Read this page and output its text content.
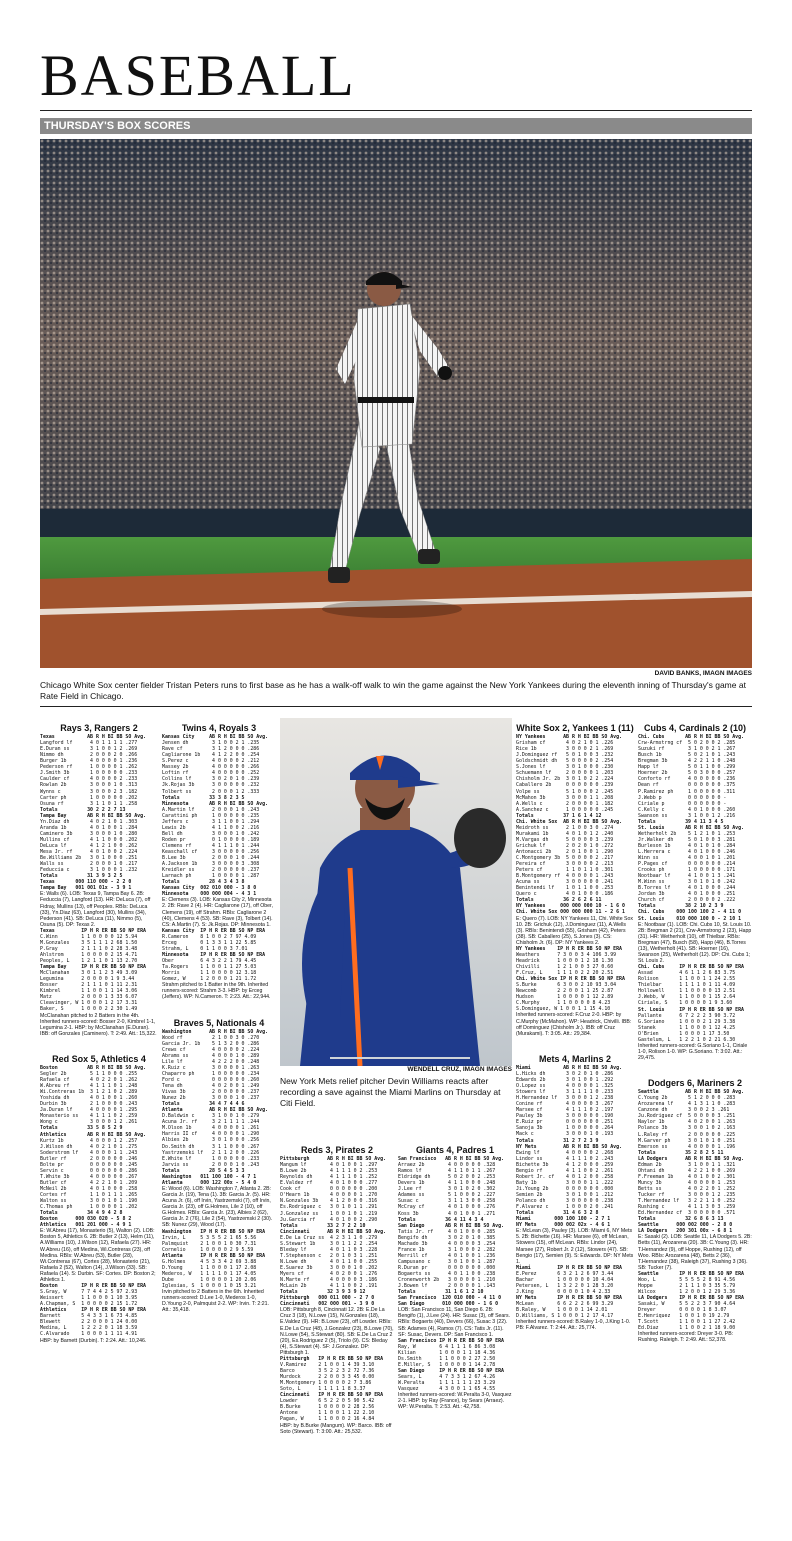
BASEBALL
THURSDAY'S BOX SCORES
DAVID BANKS, IMAGN IMAGES
Chicago White Sox center fielder Tristan Peters runs to first base as he has a walk-off walk to win the game against the New York Yankees during the eleventh inning of Thursday's game at Rate Field in Chicago.

Rays 3, Rangers 2
Texas           AB R H BI BB SO Avg.
Langford lf      4 0 1 1 1 1 .277
E.Duran ss       3 1 0 0 1 2 .269
Nimmo dh         2 0 0 0 2 0 .266
Burger 1b        4 0 0 0 0 1 .236
Pederson rf      1 0 0 0 0 1 .262
J.Smith 3b       1 0 0 0 0 0 .233
Caulder cf       4 0 0 0 0 2 .233
Rowlan 2b        3 0 0 0 1 0 .313
Wynns c          3 0 0 0 2 3 .182
Carter ph        1 0 0 0 0 0 .202
Osuna rf         3 1 1 0 1 1 .258
Totals          30 2 2 2 7 13
Tampa Bay       AB R H BI BB SO Avg.
Yn.Diaz dh       4 0 2 1 0 1 .303
Aranda 1b        4 0 1 0 0 1 .284
Caminero 3b      3 0 0 0 1 0 .280
Mullins cf       4 1 1 0 0 0 .202
DeLuca lf        4 1 2 1 0 0 .262
Mesa Jr. rf      4 0 1 0 0 2 .224
Be.Williams 2b   3 0 1 0 0 0 .251
Walls ss         2 0 0 0 1 0 .217
Feduccia c       3 1 0 0 0 1 .232
Totals          31 3 9 3 2 5
Texas       000 110 000 - 2 2 0
Tampa Bay   001 001 01x - 3 9 1
E: Walls (6). LOB: Texas 9, Tampa Bay 6. 2B: Feduccia (7), Langford (13). HR: DeLuca (7), off Fidray, Mullins (13), off Peoples. RBIs: DeLuca (33), Yn.Diaz (63), Langford (30), Mullins (34), Pederson (41). SB: DeLuca (11), Nimmo (5), Osuna (5). DP: Texas 2.
Texas         IP H R ER BB SO NP ERA
C.Winn        1 1 0 0 0 0 12 5.94
M.Gonzales    3 5 1 1 1 2 68 1.50
P.Gray        2 1 1 1 0 2 28 3.48
Ahlstrom      1 0 0 0 0 2 15 4.71
Peoples, L    1 2 1 1 0 1 13 2.70
Tampa Bay     IP H R ER BB SO NP ERA
McClanahan    3 0 1 1 2 3 49 3.09
Legumina      2 0 0 0 0 1 9 3.44
Bosser        2 1 1 1 0 1 11 2.31
Kimbrel       1 1 0 0 1 1 14 3.06
Matz          2 0 0 0 1 3 33 6.07
Cleavinger, W 1 0 0 0 1 2 17 3.31
Baker, S      1 0 0 0 2 2 30 1.49
McClanahan pitched to 2 Batters in the 4th. Inherited runners-scored: Bosser 2-0, Kimbrel 1-1, Legumina 2-1. HBP: by McClanahan (E.Duran). IBB: off Gonzales (Caminero). T: 2:49. Att.: 15,322.

Red Sox 5, Athletics 4
Boston          AB R H BI BB SO Avg.
Segler 2b        5 1 1 0 0 0 .255
Rafaela cf       4 0 2 2 0 1 .262
W.Abreu rf       4 1 1 1 0 1 .248
Wi.Contreras 1b  3 1 2 1 0 2 .289
Yoshida dh       4 0 1 0 0 1 .260
Durbin 3b        2 1 0 0 0 0 .243
Ja.Duran lf      4 0 0 0 0 1 .295
Monasterio ss    4 1 1 1 0 2 .259
Wong c           3 0 0 0 1 2 .261
Totals          33 5 8 5 2 9
Athletics       AB R H BI BB SO Avg.
Kurtz 1b         4 0 0 0 1 2 .257
J.Wilson dh      4 0 2 1 0 1 .275
Soderstrom lf    4 0 0 0 1 1 .243
Butler rf        2 0 0 0 0 0 .246
Bolte pr         0 0 0 0 0 0 .245
Servin c         0 0 0 0 0 0 .286
T.White 3b       4 0 0 0 0 0 .267
Butler cf        4 2 2 1 0 1 .209
McNeil 2b        4 0 1 0 0 0 .258
Cortes rf        1 1 0 1 1 1 .265
Walton ss        3 0 0 1 0 1 .190
C.Thomas ph      1 0 0 0 0 1 .202
Totals          34 4 9 4 2 8
Boston      000 030 020 - 5 8 2
Athletics   001 201 000 - 4 9 1
E: W.Abreu (17), Monasterio (5), Walton (2). LOB: Boston 5, Athletics 6. 2B: Butler 2 (13), Helm (11), A.Williams (10), J.Wilson (12), Rafaela (27). HR: W.Abreu (16), off Medina, Wi.Contreras (23), off Medina. RBIs: W.Abreu (53), Butler (28), Wi.Contreras (67), Cortes (28), Monasterio (21), Rafaela 2 (52), Walton (14), J.Wilson (33). SB: Rafaela (14). S: Durbin. SF: Cortes. DP: Boston 2; Athletics 1.
Boston        IP H R ER BB SO NP ERA
S.Gray, W     7 7 4 4 2 5 97 2.93
Weissert      1 1 0 0 0 1 10 3.95
A.Chapman, S  1 0 0 0 0 2 15 1.72
Athletics     IP H R ER BB SO NP ERA
Barnett       5 4 3 3 1 6 73 4.85
Blewett       2 2 0 0 0 1 24 0.00
Medina, L     1 2 2 2 0 1 18 3.59
C.Alvarado    1 0 0 0 1 1 11 4.91
HBP: by Barnett (Durbin). T: 2:24. Att.: 10,246.

Twins 4, Royals 3
Kansas City     AB R H BI BB SO Avg.
Jensen dh        3 1 0 0 2 1 .235
Rave cf          3 1 2 0 0 0 .286
Cagliarone 1b    4 1 2 2 0 0 .254
S.Perez c        4 0 0 0 0 2 .212
Massey 2b        4 0 0 0 0 0 .266
Loftin rf        4 0 0 0 0 0 .252
Collins lf       3 0 2 0 1 0 .239
Jk.Rojas 3b      3 0 0 0 0 0 .232
Tolbert ss       2 0 0 0 1 2 .333
Totals          33 3 8 2 3 5
Minnesota       AB R H BI BB SO Avg.
A.Martin lf      2 0 0 0 1 0 .243
Carattini ph     1 0 0 0 0 0 .235
Jeffers c        3 1 1 0 0 1 .294
Lewis 2b         4 1 1 0 0 2 .216
Bell dh          3 0 0 0 1 0 .242
Roden pr         0 1 0 0 0 0 .189
Clemens rf       4 1 1 1 0 1 .244
Keaschall cf     3 0 0 0 0 0 .256
B.Lee 3b         2 0 0 0 1 0 .244
A.Jackson 1b     3 0 0 0 0 3 .308
Kreidler ss      2 0 0 0 0 0 .237
Larnach ph       1 0 0 0 0 1 .287
Totals          28 4 3 4 3 8
Kansas City  002 010 000 - 3 8 0
Minnesota    000 000 004 - 4 3 1
E: Clemens (3). LOB: Kansas City 2, Minnesota 2. 2B: Rave 2 (4). HR: Cagliarone (17), off Ober, Clemens (19), off Strahm. RBIs: Cagliarone 2 (40), Clemens 4 (53). SB: Rave (3), Tolbert (14). CS: A.Martin (7). S: Jk.Rojas. DP: Minnesota 1.
Kansas City  IP H R ER BB SO NP ERA
R.Cameron    8 1 0 0 2 7 97 4.09
Erceg        0 1 3 3 1 1 22 5.85
Strahm, L    0 1 1 0 0 3 7.01
Minnesota    IP H R ER BB SO NP ERA
Ober         6 4 3 2 2 1 79 4.45
Ta.Rogers    1 1 0 0 1 1 27 5.03
Morris       1 1 0 0 0 0 12 3.18
Gomez, W     1 2 0 0 0 1 21 1.72
Strahm pitched to 1 Batter in the 9th. Inherited runners-scored: Strahm 3-3. HBP: by Erceg (Jeffers). WP: N.Cameron. T: 2:23. Att.: 22,944.

Braves 5, Nationals 4
Washington      AB R H BI BB SO Avg.
Wood rf          2 1 0 0 3 0 .270
Garcia Jr. 1b    5 1 3 2 0 0 .286
Crews cf         4 0 0 0 0 2 .224
Abrams ss        4 0 0 0 1 0 .289
Lile lf          4 2 2 2 0 0 .248
K.Ruiz c         3 0 0 0 0 1 .263
Chaparro ph      1 0 0 0 0 0 .234
Ford c           0 0 0 0 0 0 .260
Tena dh          4 0 2 0 0 1 .249
Vivas 3b         2 0 0 0 0 0 .237
Nunez 2b         3 0 0 0 1 0 .237
Totals          34 4 7 4 4 6
Atlanta         AB R H BI BB SO Avg.
D.Baldwin c      3 1 0 0 1 0 .279
Acuna Jr. rf     3 2 1 1 1 1 .244
M.Olson 1b       4 0 0 0 0 1 .261
Harris II cf     4 0 0 0 0 1 .290
Albies 2b        3 0 1 0 0 0 .256
Do.Smith dh      3 1 1 0 0 0 .267
Yastrzemski lf   2 1 1 2 0 0 .226
E.White lf       1 0 0 0 0 0 .233
Jarvis ss        2 0 0 0 1 0 .243
Totals          28 5 4 5 3 3
Washington   011 100 100 - 4 7 1
Atlanta      000 122 00x - 5 4 0
E: Wood (6). LOB: Washington 7, Atlanta 2. 2B: Garcia Jr. (19), Tena (1). 3B: Garcia Jr. (5). HR: Acuna Jr. (6), off Irvin, Yastrzemski (7), off Irvin, Garcia Jr. (23), off G.Holmes, Lile 2 (10), off G.Holmes. RBIs: Garcia Jr. (23), Albies 2 (62), Garcia Jr. 2 (76), Lile 2 (54), Yastrzemski 2 (30). SB: Nunez (29), Wood (17).
Washington   IP H R ER BB SO NP ERA
Irvin, L     5 3 5 5 2 1 65 5.56
Palmquist    2 1 0 0 1 0 30 7.31
Cornelio     1 0 0 0 0 2 9 5.59
Atlanta      IP H R ER BB SO NP ERA
G.Holmes     4 5 3 3 4 2 69 3.88
D.Young      1 1 0 0 0 1 17 2.08
Mederos, W   1 1 1 1 0 1 17 4.05
Dube         1 0 0 0 0 1 20 2.06
Iglesias, S  1 0 0 0 1 0 15 3.21
Irvin pitched to 2 Batters in the 6th. Inherited runners-scored: D.Lee 1-0, Mederos 1-0, D.Young 2-0, Palmquist 2-2. WP: Irvin. T: 2:21. Att.: 35,418.

WENDELL CRUZ, IMAGN IMAGES
New York Mets relief pitcher Devin Williams reacts after recording a save against the Miami Marlins on Thursday at Citi Field.

Reds 3, Pirates 2
Pittsburgh      AB R H BI BB SO Avg.
Mangum lf        4 0 1 0 0 1 .297
B.Lowe 2b        4 1 1 1 0 2 .253
Reynolds dh      4 1 1 1 0 1 .252
E.Valdez rf      4 0 1 0 0 0 .277
Cook cf          0 0 0 0 0 0 .200
O'Hearn 1b       4 0 0 0 0 1 .270
N.Gonzales 3b    4 1 2 0 0 0 .316
Es.Rodriguez c   3 0 1 0 1 1 .291
J.Gonzalez ss    1 0 0 1 0 1 .219
Ju.Garcia rf     4 0 1 0 0 2 .290
Totals          33 2 7 2 2 10
Cincinnati      AB R H BI BB SO Avg.
E.De La Cruz ss  4 2 3 1 1 0 .279
S.Stewart 1b     3 0 1 1 2 2 .254
Bleday lf        4 0 1 1 0 3 .228
T.Stephenson c   2 0 1 0 3 1 .251
N.Lowe dh        4 0 1 1 0 0 .255
E.Suarez 3b      3 0 0 0 1 0 .202
Myers cf         4 0 2 0 0 1 .276
N.Marte rf       4 0 0 0 0 3 .186
McLain 2b        4 1 1 0 0 2 .191
Totals          32 3 9 3 9 12
Pittsburgh   000 011 000 - 2 7 0
Cincinnati   002 000 001 - 3 9 0
LOB: Pittsburgh 8, Cincinnati 12. 2B: E.De La Cruz 3 (18), N.Lowe (15), N.Gonzales (18), E.Valdez (9). HR: B.Lowe (23), off Lowder. RBIs: E.De La Cruz (48), J.Gonzalez (23), B.Lowe (70), N.Lowe (54), S.Stewart (80). SB: E.De La Cruz 2 (20), Es.Rodriguez 2 (5), Triolo (9). CS: Bleday (4), S.Stewart (4). SF: J.Gonzalez. DP: Pittsburgh 1.
Pittsburgh   IP H R ER BB SO NP ERA
V.Ramirez    2 1 0 0 1 4 39 3.10
Barco        3 5 2 2 3 2 72 7.36
Murdock      2 2 0 0 3 3 45 0.00
M.Montgomery 1 0 0 0 0 2 7 3.86
Soto, L      1 1 1 1 1 8 3.37
Cincinnati   IP H R ER BB SO NP ERA
Lowder       6 5 2 2 0 5 90 5.42
B.Burke      1 0 0 0 0 2 28 2.56
Antone       1 1 0 0 1 1 22 2.10
Pagan, W     1 1 0 0 0 2 16 4.84
HBP: by B.Burke (Mangum). WP: Barco. IBB: off Soto (Stewart). T: 3:00. Att.: 25,532.

Giants 4, Padres 1
San Francisco   AB R H BI BB SO Avg.
Arraez 2b        4 0 0 0 0 0 .328
Ramos lf         4 1 1 0 1 1 .267
Eldridge dh      5 0 2 0 0 2 .253
Devers 1b        4 1 1 0 0 0 .248
J.Lee rf         3 0 1 0 2 0 .302
Adames ss        5 1 0 0 0 2 .227
Susac c          3 1 1 3 0 0 .258
McCray cf        4 0 1 0 0 0 .276
Koss 3b          4 0 1 0 0 1 .271
Totals          36 4 11 4 3 4
San Diego       AB R H BI BB SO Avg.
Tatis Jr. rf     4 0 1 0 0 0 .285
Bengifo dh       3 0 2 0 1 0 .385
Machado 3b       4 0 0 0 0 3 .254
France 1b        3 1 0 0 0 2 .282
Merrill cf       4 0 1 0 0 1 .236
Campusano c      3 0 1 0 0 1 .287
R.Duran pr       0 0 0 0 0 0 .000
Bogaerts ss      4 0 1 1 0 0 .238
Cronenworth 2b   3 0 0 0 0 1 .210
J.Bowen lf       2 0 0 0 0 1 .143
Totals          31 1 6 1 2 10
San Francisco  120 010 000 - 4 11 0
San Diego      010 000 000 - 1 6 0
LOB: San Francisco 11, San Diego 6. 2B: Bengifo (1), J.Lee (24). HR: Susac (3), off Sears. RBIs: Bogaerts (40), Devers (66), Susac 3 (22). SB: Adames (4), Ramos (7). CS: Tatis Jr. (11). SF: Susac, Devers. DP: San Francisco 1.
San Francisco IP H R ER BB SO NP ERA
Ray, W        6 4 1 1 1 6 86 3.08
Kilian        1 0 0 0 1 1 18 4.36
Ds.Smith      1 1 0 0 0 2 27 2.50
E.Miller, S   1 0 0 0 0 1 14 2.78
San Diego     IP H R ER BB SO NP ERA
Sears, L      4 7 3 3 1 2 67 4.26
W.Peralta     1 1 1 1 1 1 23 3.29
Vasquez       4 3 0 0 1 1 65 4.55
Inherited runners-scored: W.Peralta 3-0, Vasquez 2-1. HBP: by Ray (France), by Sears (Arraez). WP: W.Peralta. T: 2:53. Att.: 42,758.

White Sox 2, Yankees 1 (11)
NY Yankees      AB R H BI BB SO Avg.
Grisham cf       4 0 2 1 0 1 .226
Rice 1b          3 0 0 0 2 1 .269
J.Dominguez rf   5 0 1 0 0 3 .232
Goldschmidt dh   5 0 0 0 0 2 .254
S.Jones lf       3 0 1 0 0 0 .230
Schuemann lf     2 0 0 0 0 1 .203
Chisholm Jr. 2b  3 0 1 0 2 2 .224
Caballero 2b     0 0 0 0 0 0 .239
Volpe ss         5 1 0 0 0 2 .245
McMahon 3b       3 0 0 0 1 1 .208
A.Wells c        2 0 0 0 0 1 .182
A.Sanchez c      1 0 0 0 0 0 .245
Totals          37 1 6 1 4 12
Chi. White Sox  AB R H BI BB SO Avg.
Meidroth ss      2 1 0 0 3 0 .274
Murakami 1b      4 0 1 0 1 2 .240
M.Vargas dh      5 0 0 0 0 3 .239
Grichuk lf       2 0 2 0 1 0 .272
Antonacci 2b     2 0 1 0 0 1 .290
C.Montgomery 3b  5 0 0 0 0 2 .217
Pereira cf       3 0 0 0 0 2 .213
Peters cf        1 1 0 1 1 0 .301
B.Montgomery rf  4 0 0 0 0 1 .243
Acuna ss         3 0 0 0 0 0 .241
Benintendi lf    1 0 1 1 0 0 .253
Quero c          4 0 1 0 0 0 .186
Totals          36 2 6 2 6 11
NY Yankees     000 000 000 10 - 1 6 0
Chi. White Sox 000 000 000 11 - 2 6 1
E: Quero (7). LOB: NY Yankees 11, Chi. White Sox 10. 2B: Grichuk (12), J.Dominguez (11), A.Wells (3). RBIs: Benintendi (55), Grisham (42), Peters (38). SB: Caballero (25), S.Jones (3). CS: Chisholm Jr. (6). DP: NY Yankees 2.
NY Yankees    IP H R ER BB SO NP ERA
Weathers      7 3 0 0 3 4 106 3.99
Headrick      1 0 0 0 1 2 18 1.30
Chivilli      1 2 1 0 0 3 27 0.60
F.Cruz, L     1 1 1 0 2 2 20 2.51
Chi. White Sox IP H R ER BB SO NP ERA
S.Burke       6 3 0 0 2 10 93 3.04
Newcomb       2 2 0 0 1 1 25 2.87
Hudson        1 0 0 0 0 1 12 2.89
C.Murphy      1 1 0 0 0 0 8 4.23
S.Dominguez, W 1 0 0 1 1 15 4.10
Inherited runners-scored: F.Cruz 2-0. HBP: by C.Murphy (McMahon). WP: Headrick, Chivilli. IBB: off Dominguez (Chisholm Jr.). IBB: off Cruz (Murakami). T: 3:05. Att.: 29,384.

Mets 4, Marlins 2
Miami           AB R H BI BB SO Avg.
L.Hicks dh       3 0 2 0 1 0 .286
Edwards 2b       3 0 1 0 0 1 .292
O.Lopez ss       4 0 0 0 0 1 .325
Stowers lf       3 1 1 1 1 0 .233
H.Hernandez lf   3 0 0 0 1 2 .238
Conine rf        4 0 0 0 0 3 .267
Marsee cf        4 1 1 1 0 2 .197
Pauley 3b        3 0 0 0 0 0 .190
E.Ruiz pr        0 0 0 0 0 0 .251
Sanoja 3b        1 0 0 0 0 0 .264
Mack c           3 0 0 0 1 0 .193
Totals          31 2 7 2 3 9
NY Mets         AB R H BI BB SO Avg.
Ewing lf         4 0 0 0 0 2 .268
Lindor ss        4 1 1 1 0 2 .243
Bichette 3b      4 1 2 0 0 0 .259
Bengio rf        4 1 1 0 0 2 .261
Robert Jr. cf    4 0 1 2 0 0 .258
Baty 1b          3 0 0 0 1 1 .222
Ji.Young 2b      0 0 0 0 0 0 .000
Semien 2b        3 0 1 0 0 1 .212
Polanco dh       3 0 0 0 0 0 .238
F.Alvarez c      1 0 0 0 2 0 .241
Totals          31 4 6 3 2 8
Miami        000 100 100 - 2 7 1
NY Mets      000 002 02x - 4 6 1
E: McLean (3), Pauley (3). LOB: Miami 6, NY Mets 5. 2B: Bichette (16). HR: Marsee (6), off McLean, Stowers (15), off McLean. RBIs: Lindor (24), Marsee (27), Robert Jr. 2 (12), Stowers (47). SB: Bengio (17), Semien (9). S: Edwards. DP: NY Mets 1.
Miami         IP H R ER BB SO NP ERA
E.Perez       6 3 2 1 2 6 97 3.44
Bachar        1 0 0 0 0 0 10 4.04
Petersen, L   1 3 2 2 0 1 28 3.20
J.King        0 0 0 0 1 0 4 2.33
NY Mets       IP H R ER BB SO NP ERA
McLean        6 6 2 2 2 6 99 3.29
B.Raley, W    1 0 0 0 1 14 2.01
D.Williams, S 1 0 0 0 1 2 17 4.17
Inherited runners-scored: B.Raley 1-0, J.King 1-0. PB: F.Alvarez. T: 2:44. Att.: 25,774.

Cubs 4, Cardinals 2 (10)
Chi. Cubs       AB R H BI BB SO Avg.
Crw-Armstrng cf  5 0 2 0 0 2 .285
Suzuki rf        3 1 0 0 2 1 .267
Busch 1b         5 0 2 1 0 1 .243
Bregman 3b       4 2 2 1 1 0 .248
Happ lf          5 0 1 1 0 0 .299
Hoerner 2b       5 0 3 0 0 0 .257
Conforto rf      4 0 0 0 0 0 .236
Dean rf          0 0 0 0 0 0 .375
P.Ramirez ph     1 0 0 0 0 0 .311
J.Webb p         0 0 0 0 0 0 -
Ciriale p        0 0 0 0 0 0 -
C.Kelly c        4 0 1 0 0 0 .260
Swanson ss       3 1 0 0 1 2 .216
Totals          39 4 11 3 4 5
St. Louis       AB R H BI BB SO Avg.
Wetherholt 2b    5 1 2 1 0 1 .253
Jr.Walker dh     5 0 1 0 0 3 .281
Burleson 1b      4 0 1 0 1 0 .284
L.Herrera c      4 0 1 0 0 0 .246
Winn ss          4 0 0 1 0 1 .201
P.Pages cf       0 0 0 0 0 0 .214
Crooks ph        1 0 0 0 0 0 .171
Nootbaar lf      4 1 0 0 1 3 .241
M.Winn ss        3 0 1 0 1 0 .242
B.Torres lf      4 0 1 0 0 0 .244
Jordan 3b        4 0 1 0 0 0 .251
Church cf        2 0 0 0 0 2 .222
Totals          38 2 10 2 3 9
Chi. Cubs    000 100 100 2 - 4 11 0
St. Louis    010 000 100 0 - 2 10 1
E: Nootbaar (1). LOB: Chi. Cubs 10, St. Louis 10. 2B: Bregman 2 (21), Crw-Armstrong 2 (23), Happ (31). HR: Wetherholt (10), off Thielbar. RBIs: Bregman (47), Busch (58), Happ (46), B.Torres (13), Wetherholt (41). SB: Hoerner (16), Swanson (25), Wetherholt (12). DP: Chi. Cubs 1; St. Louis 2.
Chi. Cubs     IP H R ER BB SO NP ERA
Assad         4 6 1 1 2 6 83 3.75
Rolison       1 1 0 0 1 1 24 2.55
Thielbar      1 1 1 1 0 1 11 4.09
Hollowell     1 1 0 0 0 0 13 2.51
J.Webb, W     1 1 0 0 0 1 15 2.64
Ciriale, S    1 0 0 0 0 1 9 3.60
St. Louis     IP H R ER BB SO NP ERA
Pallante      6 7 2 2 2 3 90 3.72
G.Soriano     1 0 0 0 2 1 29 3.38
Stanek        1 1 0 0 0 1 12 4.25
O'Brien       1 0 0 0 1 17 3.50
Gastelum, L   1 2 2 1 0 2 21 6.30
Inherited runners-scored: G.Soriano 1-1, Ciriale 1-0, Rolison 1-0. WP: G.Soriano. T: 3:02. Att.: 29,475.

Dodgers 6, Mariners 2
Seattle         AB R H BI BB SO Avg.
C.Young 2b       5 1 2 0 0 0 .283
Arozarena lf     4 1 3 1 1 0 .283
Canzone dh       3 0 0 2 3 .261
Ju.Rodriguez cf  5 0 0 0 0 3 .251
Naylor 1b        4 0 2 0 0 1 .263
Polanco 3b       3 0 0 1 0 2 .163
L.Raley rf       2 0 0 0 0 0 .225
M.Garver ph      3 0 1 0 1 0 .251
Emerson ss       4 0 0 0 0 1 .196
Totals          35 2 8 2 5 11
LA Dodgers      AB R H BI BB SO Avg.
Edman 2b         3 1 0 0 1 1 .321
Ohtani dh        4 2 2 1 0 0 .269
F.Freeman 1b     4 0 1 0 0 2 .301
Muncy 3b         4 0 0 0 0 1 .253
Betts ss         4 0 2 2 0 1 .252
Tucker rf        3 0 0 0 1 2 .235
T.Hernandez lf   3 2 2 1 1 0 .252
Rushing c        4 1 1 3 0 3 .259
Ed.Hernandez cf  3 0 0 0 0 0 .571
Totals          32 6 8 6 3 13
Seattle      000 002 000 - 2 8 0
LA Dodgers   200 301 00x - 6 8 1
E: Sasaki (2). LOB: Seattle 11, LA Dodgers 5. 2B: Betts (11), Arozarena (20). 3B: C.Young (3). HR: T.Hernandez (9), off Hoppe, Rushing (12), off Woo. RBIs: Arozarena (48), Betts 2 (36), T.Hernandez (38), Raleigh (37), Rushing 3 (36). SB: Tucker (7).
Seattle       IP H R ER BB SO NP ERA
Woo, L        5 5 5 5 2 8 91 4.56
Hoppe         2 1 1 1 0 3 35 5.79
Wilcox        1 2 0 0 1 2 29 3.36
LA Dodgers    IP H R ER BB SO NP ERA
Sasaki, W     5 5 2 2 3 7 90 4.64
Dreyer        0 0 0 0 1 8 3.07
E.Henriquez   1 0 0 1 0 19 2.79
T.Scott       1 1 0 0 1 1 27 2.42
Ed.Diaz       1 1 0 0 2 1 18 9.00
Inherited runners-scored: Dreyer 3-0. PB: Rushing. Raleigh. T: 2:49. Att.: 52,378.
